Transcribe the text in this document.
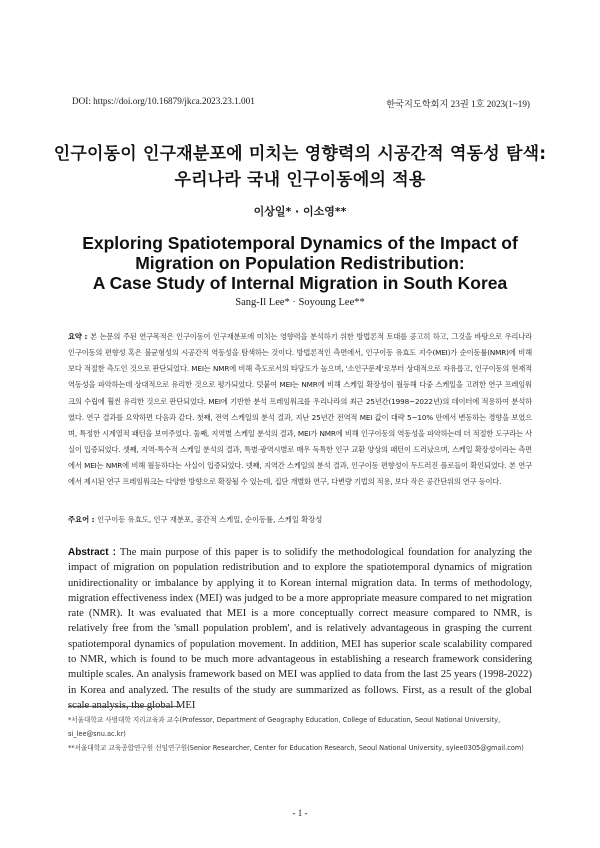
DOI: https://doi.org/10.16879/jkca.2023.23.1.001	한국지도학회지 23권 1호 2023(1~19)
인구이동이 인구재분포에 미치는 영향력의 시공간적 역동성 탐색:
우리나라 국내 인구이동에의 적용
이상일* · 이소영**
Exploring Spatiotemporal Dynamics of the Impact of
Migration on Population Redistribution:
A Case Study of Internal Migration in South Korea
Sang-Il Lee* · Soyoung Lee**
요약 : 본 논문의 주된 연구목적은 인구이동이 인구재분포에 미치는 영향력을 분석하기 위한 방법론적 토대를 공고히 하고, 그것을 바탕으로 우리나라 인구이동의 편향성 혹은 불균형성의 시공간적 역동성을 탐색하는 것이다. 방법론적인 측면에서, 인구이동 유효도 지수(MEI)가 순이동률(NMR)에 비해 보다 적절한 측도인 것으로 판단되었다. MEI는 NMR에 비해 측도로서의 타당도가 높으며, '소인구문제'로부터 상대적으로 자유롭고, 인구이동의 현재적 역동성을 파악하는데 상대적으로 유리한 것으로 평가되었다. 덧붙여 MEI는 NMR에 비해 스케일 확장성이 월등해 다중 스케일을 고려한 연구 프레임워크의 수립에 훨씬 유리한 것으로 판단되었다. MEI에 기반한 분석 프레임워크를 우리나라의 최근 25년간(1998~2022년)의 데이터에 적용하여 분석하였다. 연구 결과를 요약하면 다음과 같다. 첫째, 전역 스케일의 분석 결과, 지난 25년간 전역적 MEI 값이 대략 5~10% 안에서 변동하는 경향을 보였으며, 특정한 시계열적 패턴을 보여주었다. 둘째, 지역별 스케일 분석의 결과, MEI가 NMR에 비해 인구이동의 역동성을 파악하는데 더 적절한 도구라는 사실이 입증되었다. 셋째, 지역-특수적 스케일 분석의 결과, 특별·광역시별로 매우 독특한 인구 교환 양상의 패턴이 드러났으며, 스케일 확장성이라는 측면에서 MEI는 NMR에 비해 월등하다는 사실이 입증되었다. 넷째, 지역간 스케일의 분석 결과, 인구이동 편향성이 두드러진 플로들이 확인되었다. 본 연구에서 제시된 연구 프레임워크는 다양한 방향으로 확장될 수 있는데, 집단 개별화 연구, 다변량 기법의 적용, 보다 작은 공간단위의 연구 등이다.
주요어 : 인구이동 유효도, 인구 재분포, 공간적 스케일, 순이동률, 스케일 확장성
Abstract : The main purpose of this paper is to solidify the methodological foundation for analyzing the impact of migration on population redistribution and to explore the spatiotemporal dynamics of migration unidirectionality or imbalance by applying it to Korean internal migration data. In terms of methodology, migration effectiveness index (MEI) was judged to be a more appropriate measure compared to net migration rate (NMR). It was evaluated that MEI is a more conceptually correct measure compared to NMR, is relatively free from the 'small population problem', and is relatively advantageous in grasping the current spatiotemporal dynamics of population movement. In addition, MEI has superior scale scalability compared to NMR, which is found to be much more advantageous in establishing a research framework considering multiple scales. An analysis framework based on MEI was applied to data from the last 25 years (1998-2022) in Korea and analyzed. The results of the study are summarized as follows. First, as a result of the global scale analysis, the global MEI
*서울대학교 사범대학 지리교육과 교수(Professor, Department of Geography Education, College of Education, Seoul National University, si_lee@snu.ac.kr)
**서울대학교 교육종합연구원 선임연구원(Senior Researcher, Center for Education Research, Seoul National University, sylee0305@gmail.com)
- 1 -
